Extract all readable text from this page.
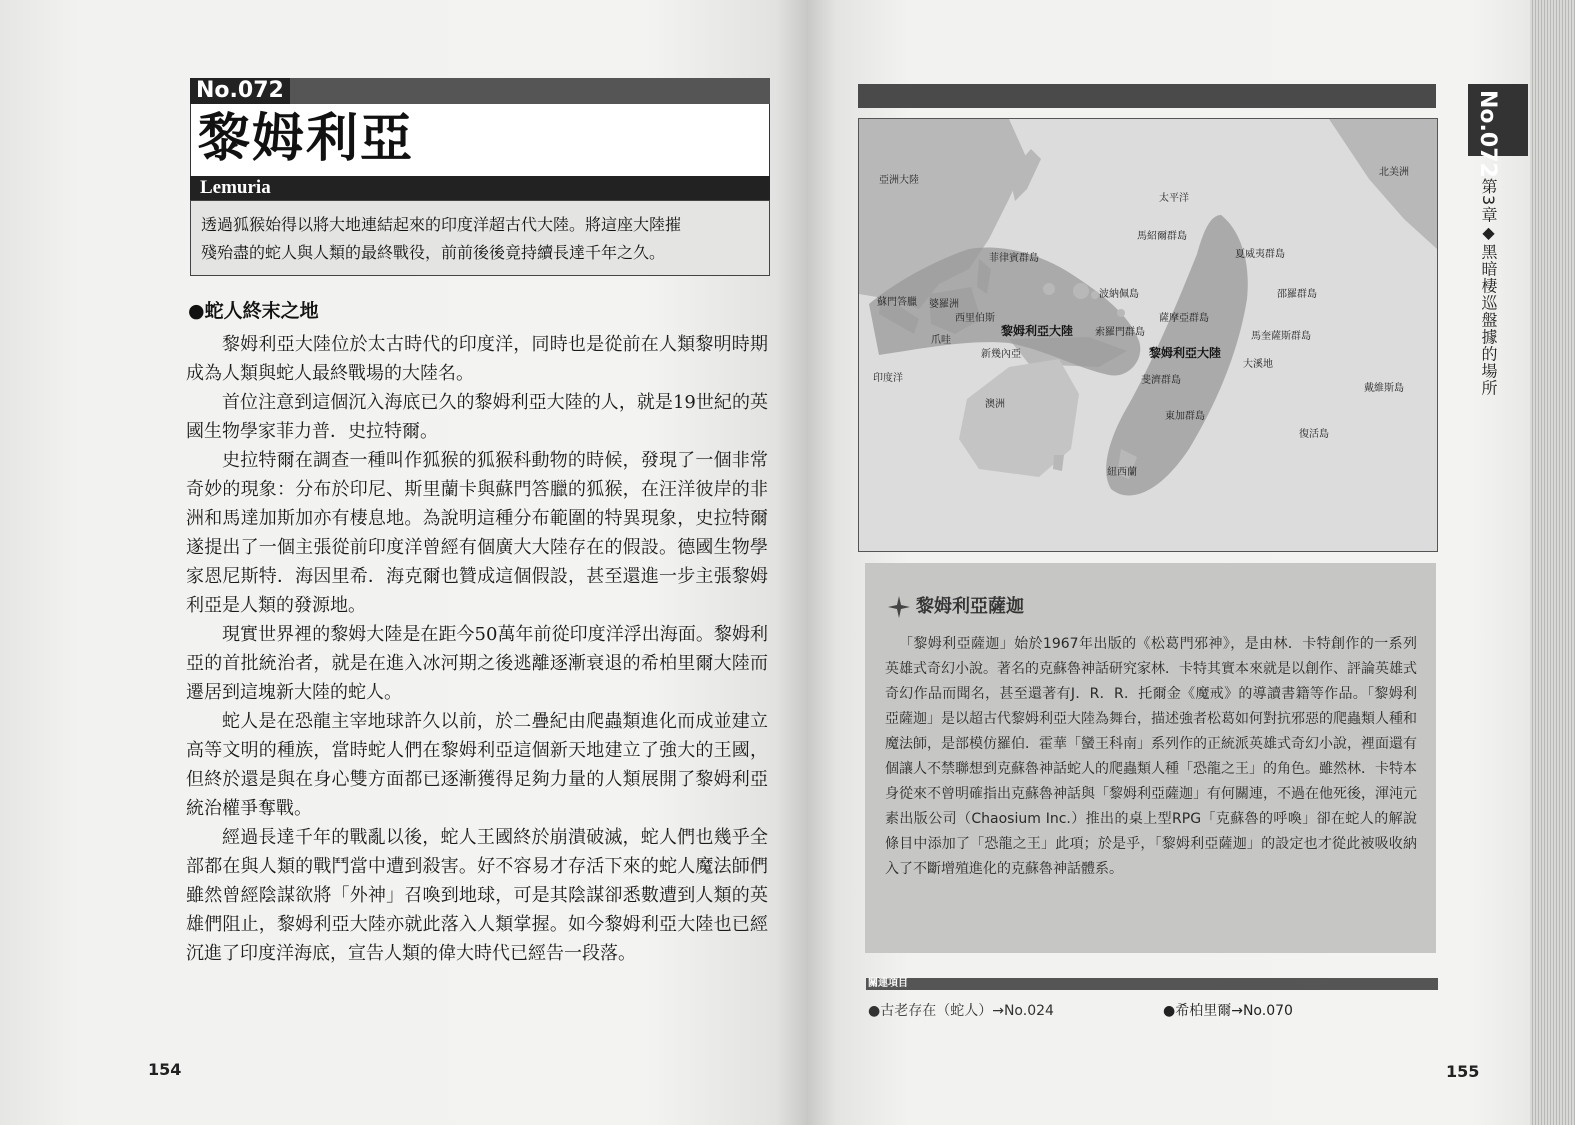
No.072
黎姆利亞
Lemuria
透過狐猴始得以將大地連結起來的印度洋超古代大陸。將這座大陸摧
殘殆盡的蛇人與人類的最終戰役，前前後後竟持續長達千年之久。
●蛇人終末之地

黎姆利亞大陸位於太古時代的印度洋，同時也是從前在人類黎明時期成為人類與蛇人最終戰場的大陸名。

首位注意到這個沉入海底已久的黎姆利亞大陸的人，就是19世紀的英國生物學家菲力普．史拉特爾。

史拉特爾在調查一種叫作狐猴的狐猴科動物的時候，發現了一個非常奇妙的現象：分布於印尼、斯里蘭卡與蘇門答臘的狐猴，在汪洋彼岸的非洲和馬達加斯加亦有棲息地。為說明這種分布範圍的特異現象，史拉特爾遂提出了一個主張從前印度洋曾經有個廣大大陸存在的假設。德國生物學家恩尼斯特．海因里希．海克爾也贊成這個假設，甚至還進一步主張黎姆利亞是人類的發源地。

現實世界裡的黎姆大陸是在距今50萬年前從印度洋浮出海面。黎姆利亞的首批統治者，就是在進入冰河期之後逃離逐漸衰退的希柏里爾大陸而遷居到這塊新大陸的蛇人。

蛇人是在恐龍主宰地球許久以前，於二疊紀由爬蟲類進化而成並建立高等文明的種族，當時蛇人們在黎姆利亞這個新天地建立了強大的王國，但終於還是與在身心雙方面都已逐漸獲得足夠力量的人類展開了黎姆利亞統治權爭奪戰。

經過長達千年的戰亂以後，蛇人王國終於崩潰破滅，蛇人們也幾乎全部都在與人類的戰鬥當中遭到殺害。好不容易才存活下來的蛇人魔法師們雖然曾經陰謀欲將「外神」召喚到地球，可是其陰謀卻悉數遭到人類的英雄們阻止，黎姆利亞大陸亦就此落入人類掌握。如今黎姆利亞大陸也已經沉進了印度洋海底，宣告人類的偉大時代已經告一段落。

154
No.072
第3章◆黑暗棲巡盤據的場所
亞洲大陸
北美洲
太平洋
馬紹爾群島
夏威夷群島
菲律賓群島
波納佩島
蘇門答臘 婆羅洲
薩摩亞群島
邵羅群島
馬奎薩斯群島
西里伯斯
黎姆利亞大陸 索羅門群島
爪哇
新幾內亞	黎姆利亞大陸
大溪地
斐濟群島
戴維斯島
印度洋
澳洲
東加群島
復活島
紐西蘭
黎姆利亞薩迦

「黎姆利亞薩迦」始於1967年出版的《松葛門邪神》，是由林．卡特創作的一系列英雄式奇幻小說。著名的克蘇魯神話研究家林．卡特其實本來就是以創作、評論英雄式奇幻作品而聞名，甚至還著有J．R．R．托爾金《魔戒》的導讀書籍等作品。「黎姆利亞薩迦」是以超古代黎姆利亞大陸為舞台，描述強者松葛如何對抗邪惡的爬蟲類人種和魔法師，是部模仿羅伯．霍華「蠻王科南」系列作的正統派英雄式奇幻小說，裡面還有個讓人不禁聯想到克蘇魯神話蛇人的爬蟲類人種「恐龍之王」的角色。雖然林．卡特本身從來不曾明確指出克蘇魯神話與「黎姆利亞薩迦」有何關連，不過在他死後，渾沌元素出版公司（Chaosium Inc.）推出的桌上型RPG「克蘇魯的呼喚」卻在蛇人的解說條目中添加了「恐龍之王」此項；於是乎，「黎姆利亞薩迦」的設定也才從此被吸收納入了不斷增殖進化的克蘇魯神話體系。

關連項目
●古老存在（蛇人）→No.024	●希柏里爾→No.070
155
